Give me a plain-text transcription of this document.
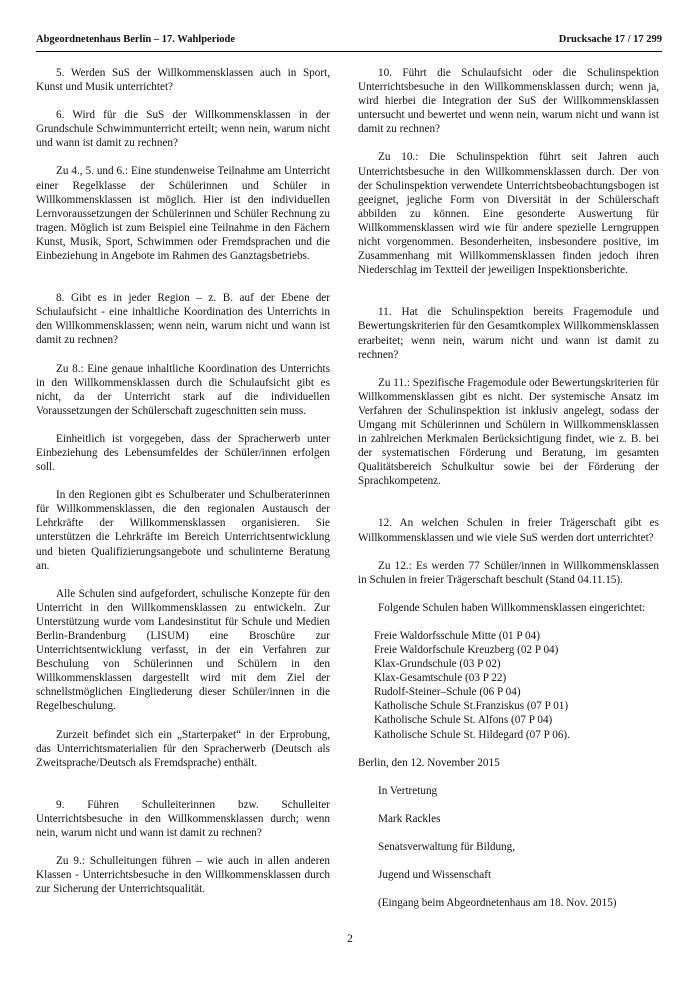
Abgeordnetenhaus Berlin – 17. Wahlperiode	Drucksache 17 / 17 299

5. Werden SuS der Willkommensklassen auch in Sport, Kunst und Musik unterrichtet?

6. Wird für die SuS der Willkommensklassen in der Grundschule Schwimmunterricht erteilt; wenn nein, warum nicht und wann ist damit zu rechnen?

Zu 4., 5. und 6.: Eine stundenweise Teilnahme am Unterricht einer Regelklasse der Schülerinnen und Schüler in Willkommensklassen ist möglich. Hier ist den individuellen Lernvoraussetzungen der Schülerinnen und Schüler Rechnung zu tragen. Möglich ist zum Beispiel eine Teilnahme in den Fächern Kunst, Musik, Sport, Schwimmen oder Fremdsprachen und die Einbeziehung in Angebote im Rahmen des Ganztagsbetriebs.

8. Gibt es in jeder Region – z. B. auf der Ebene der Schulaufsicht - eine inhaltliche Koordination des Unterrichts in den Willkommensklassen; wenn nein, warum nicht und wann ist damit zu rechnen?

Zu 8.: Eine genaue inhaltliche Koordination des Unterrichts in den Willkommensklassen durch die Schulaufsicht gibt es nicht, da der Unterricht stark auf die individuellen Voraussetzungen der Schülerschaft zugeschnitten sein muss.

Einheitlich ist vorgegeben, dass der Spracherwerb unter Einbeziehung des Lebensumfeldes der Schüler/innen erfolgen soll.

In den Regionen gibt es Schulberater und Schulberaterinnen für Willkommensklassen, die den regionalen Austausch der Lehrkräfte der Willkommensklassen organisieren. Sie unterstützen die Lehrkräfte im Bereich Unterrichtsentwicklung und bieten Qualifizierungsangebote und schulinterne Beratung an.

Alle Schulen sind aufgefordert, schulische Konzepte für den Unterricht in den Willkommensklassen zu entwickeln. Zur Unterstützung wurde vom Landesinstitut für Schule und Medien Berlin-Brandenburg (LISUM) eine Broschüre zur Unterrichtsentwicklung verfasst, in der ein Verfahren zur Beschulung von Schülerinnen und Schülern in den Willkommensklassen dargestellt wird mit dem Ziel der schnellstmöglichen Eingliederung dieser Schüler/innen in die Regelbeschulung.

Zurzeit befindet sich ein „Starterpaket“ in der Erprobung, das Unterrichtsmaterialien für den Spracherwerb (Deutsch als Zweitsprache/Deutsch als Fremdsprache) enthält.

9. Führen Schulleiterinnen bzw. Schulleiter Unterrichtsbesuche in den Willkommensklassen durch; wenn nein, warum nicht und wann ist damit zu rechnen?

Zu 9.: Schulleitungen führen – wie auch in allen anderen Klassen - Unterrichtsbesuche in den Willkommensklassen durch zur Sicherung der Unterrichtsqualität.

10. Führt die Schulaufsicht oder die Schulinspektion Unterrichtsbesuche in den Willkommensklassen durch; wenn ja, wird hierbei die Integration der SuS der Willkommensklassen untersucht und bewertet und wenn nein, warum nicht und wann ist damit zu rechnen?

Zu 10.: Die Schulinspektion führt seit Jahren auch Unterrichtsbesuche in den Willkommensklassen durch. Der von der Schulinspektion verwendete Unterrichtsbeobachtungsbogen ist geeignet, jegliche Form von Diversität in der Schülerschaft abbilden zu können. Eine gesonderte Auswertung für Willkommensklassen wird wie für andere spezielle Lerngruppen nicht vorgenommen. Besonderheiten, insbesondere positive, im Zusammenhang mit Willkommensklassen finden jedoch ihren Niederschlag im Textteil der jeweiligen Inspektionsberichte.

11. Hat die Schulinspektion bereits Fragemodule und Bewertungskriterien für den Gesamtkomplex Willkommensklassen erarbeitet; wenn nein, warum nicht und wann ist damit zu rechnen?

Zu 11.: Spezifische Fragemodule oder Bewertungskriterien für Willkommensklassen gibt es nicht. Der systemische Ansatz im Verfahren der Schulinspektion ist inklusiv angelegt, sodass der Umgang mit Schülerinnen und Schülern in Willkommensklassen in zahlreichen Merkmalen Berücksichtigung findet, wie z. B. bei der systematischen Förderung und Beratung, im gesamten Qualitätsbereich Schulkultur sowie bei der Förderung der Sprachkompetenz.

12. An welchen Schulen in freier Trägerschaft gibt es Willkommensklassen und wie viele SuS werden dort unterrichtet?

Zu 12.: Es werden 77 Schüler/innen in Willkommensklassen in Schulen in freier Trägerschaft beschult (Stand 04.11.15).

Folgende Schulen haben Willkommensklassen eingerichtet:

Freie Waldorfsschule Mitte (01 P 04)
Freie Waldorfschule Kreuzberg (02 P 04)
Klax-Grundschule (03 P 02)
Klax-Gesamtschule (03 P 22)
Rudolf-Steiner–Schule (06 P 04)
Katholische Schule St.Franziskus (07 P 01)
Katholische Schule St. Alfons (07 P 04)
Katholische Schule St. Hildegard (07 P 06).

Berlin, den 12. November 2015

In Vertretung

Mark Rackles

Senatsverwaltung für Bildung,

Jugend und Wissenschaft

(Eingang beim Abgeordnetenhaus am 18. Nov. 2015)

2
